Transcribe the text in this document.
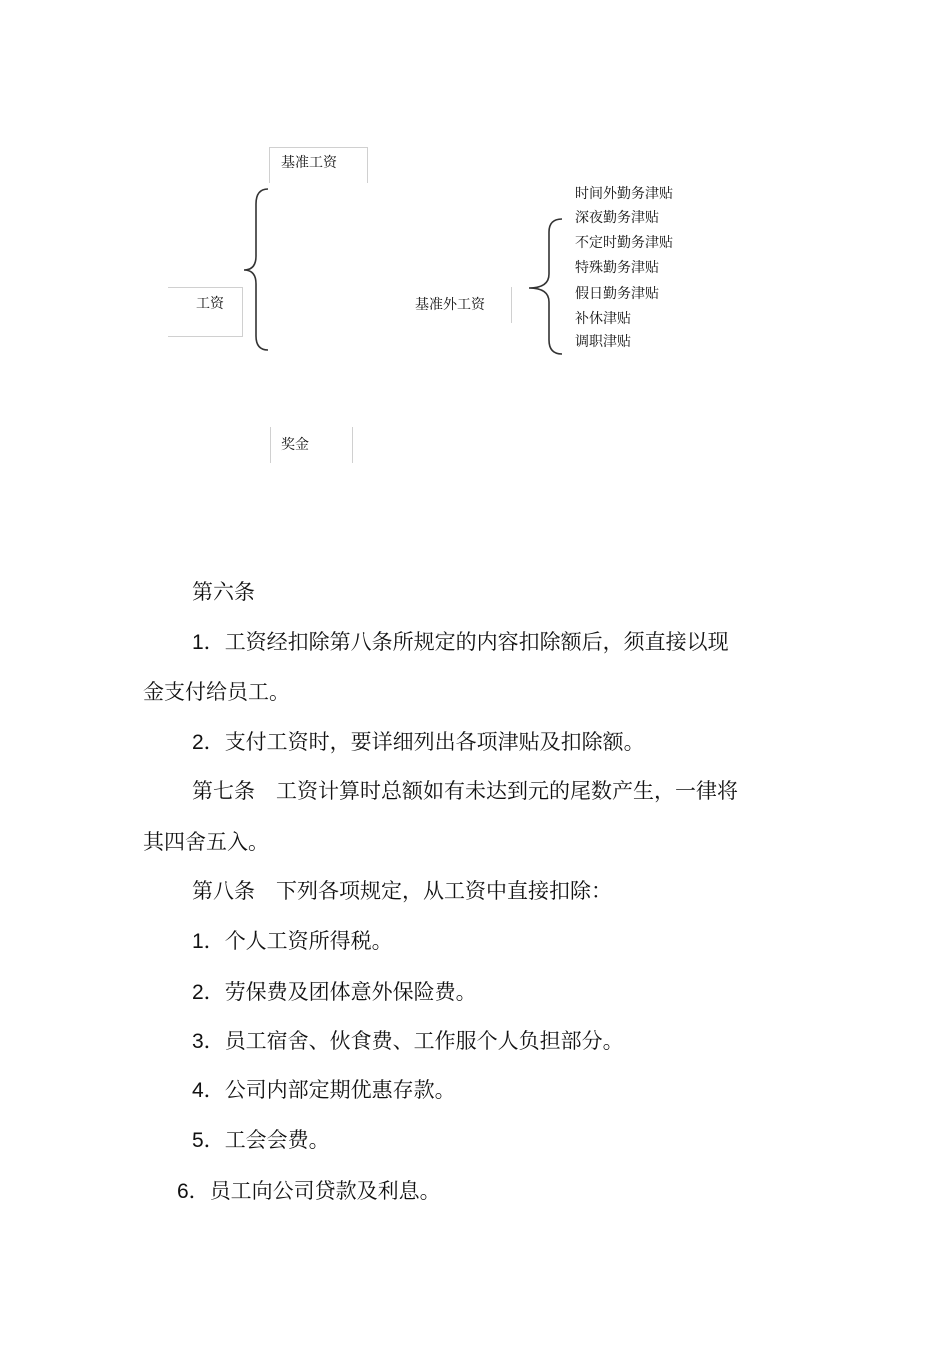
工资
基准工资
基准外工资
时间外勤务津贴
深夜勤务津贴
不定时勤务津贴
特殊勤务津贴
假日勤务津贴
补休津贴
调职津贴
奖金
第六条
1．工资经扣除第八条所规定的内容扣除额后，须直接以现
金支付给员工。
2．支付工资时，要详细列出各项津贴及扣除额。
第七条　工资计算时总额如有未达到元的尾数产生，一律将
其四舍五入。
第八条　下列各项规定，从工资中直接扣除：
1．个人工资所得税。
2．劳保费及团体意外保险费。
3．员工宿舍、伙食费、工作服个人负担部分。
4．公司内部定期优惠存款。
5．工会会费。
6．员工向公司贷款及利息。
